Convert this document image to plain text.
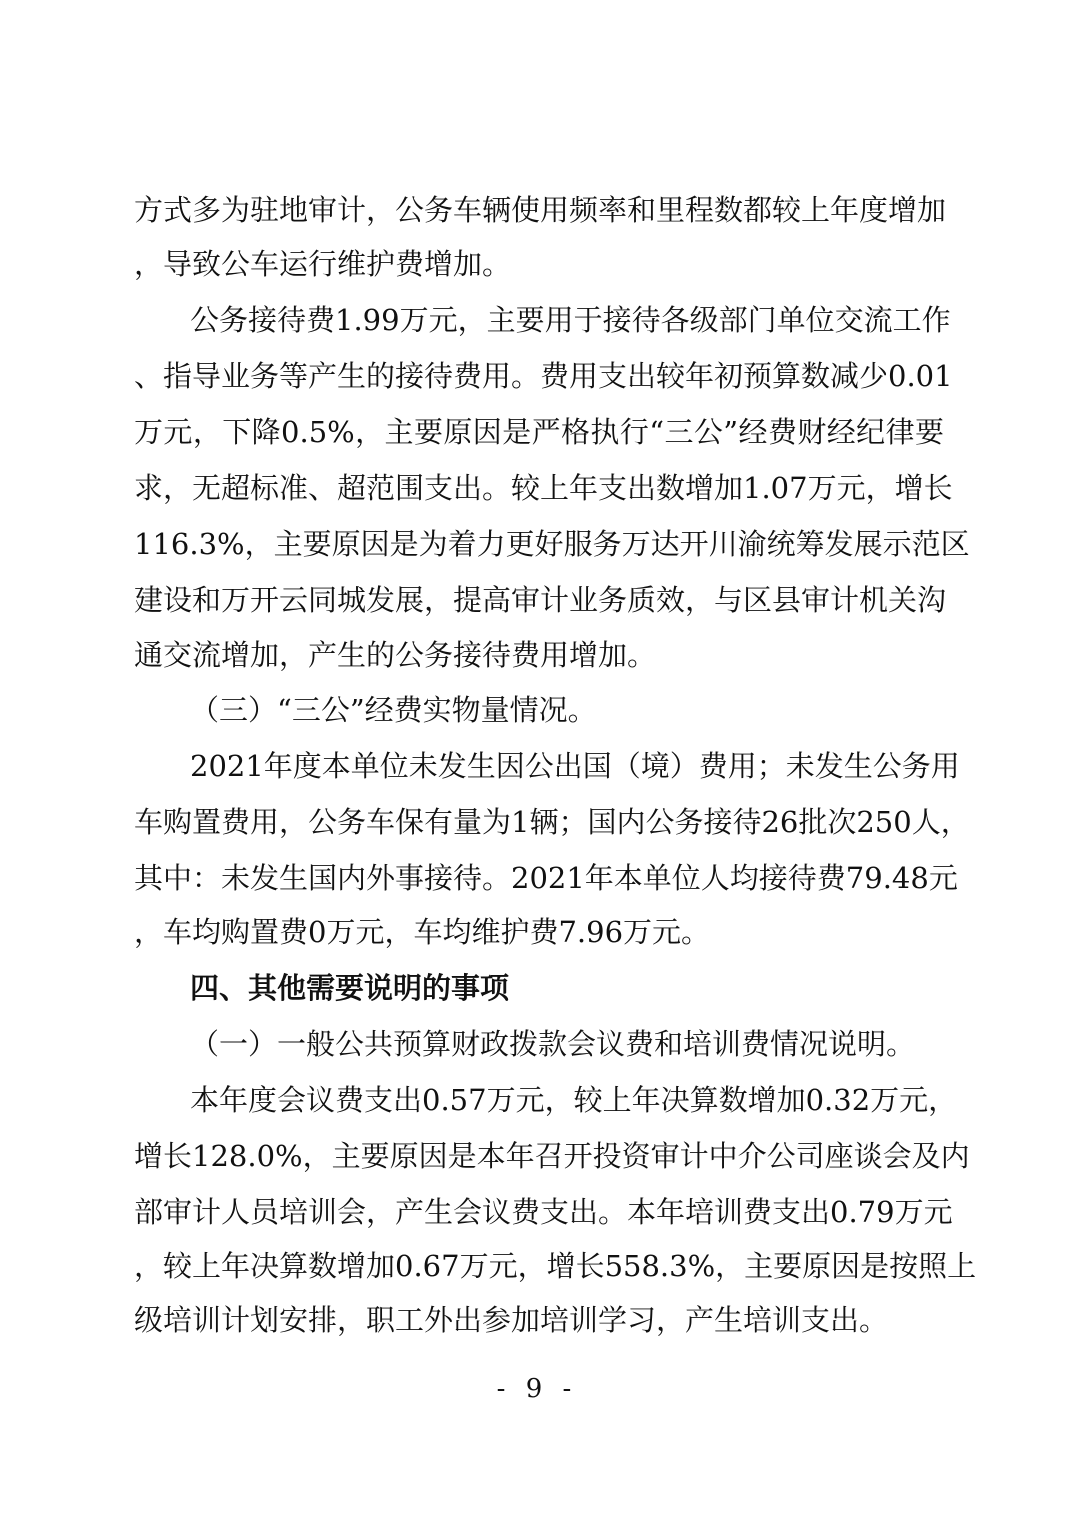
方式多为驻地审计，公务车辆使用频率和里程数都较上年度增加
，导致公车运行维护费增加。
公务接待费1.99万元，主要用于接待各级部门单位交流工作
、指导业务等产生的接待费用。费用支出较年初预算数减少0.01
万元，下降0.5%，主要原因是严格执行“三公”经费财经纪律要
求，无超标准、超范围支出。较上年支出数增加1.07万元，增长
116.3%，主要原因是为着力更好服务万达开川渝统筹发展示范区
建设和万开云同城发展，提高审计业务质效，与区县审计机关沟
通交流增加，产生的公务接待费用增加。
（三）“三公”经费实物量情况。
2021年度本单位未发生因公出国（境）费用；未发生公务用
车购置费用，公务车保有量为1辆；国内公务接待26批次250人，
其中：未发生国内外事接待。2021年本单位人均接待费79.48元
，车均购置费0万元，车均维护费7.96万元。
四、其他需要说明的事项
（一）一般公共预算财政拨款会议费和培训费情况说明。
本年度会议费支出0.57万元，较上年决算数增加0.32万元，
增长128.0%，主要原因是本年召开投资审计中介公司座谈会及内
部审计人员培训会，产生会议费支出。本年培训费支出0.79万元
，较上年决算数增加0.67万元，增长558.3%，主要原因是按照上
级培训计划安排，职工外出参加培训学习，产生培训支出。
- 9 -
